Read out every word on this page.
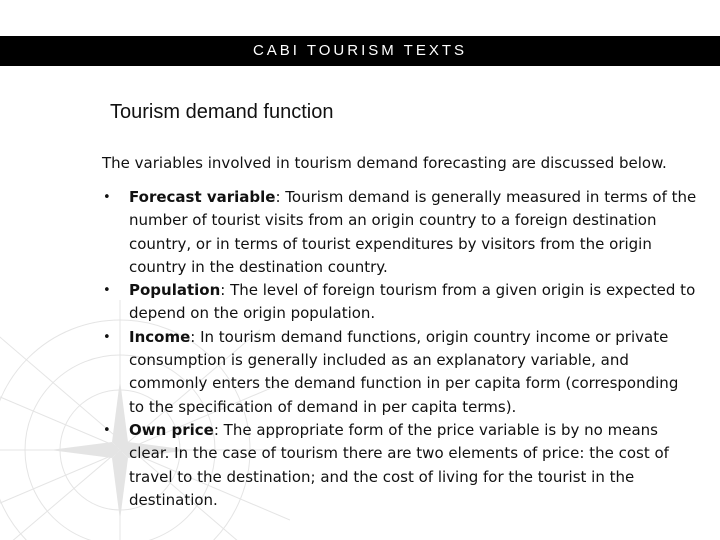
CABI TOURISM TEXTS
Tourism demand function

The variables involved in tourism demand forecasting are discussed below.

• Forecast variable: Tourism demand is generally measured in terms of the number of tourist visits from an origin country to a foreign destination country, or in terms of tourist expenditures by visitors from the origin country in the destination country.
• Population: The level of foreign tourism from a given origin is expected to depend on the origin population.
• Income: In tourism demand functions, origin country income or private consumption is generally included as an explanatory variable, and commonly enters the demand function in per capita form (corresponding to the specification of demand in per capita terms).
• Own price: The appropriate form of the price variable is by no means clear. In the case of tourism there are two elements of price: the cost of travel to the destination; and the cost of living for the tourist in the destination.
